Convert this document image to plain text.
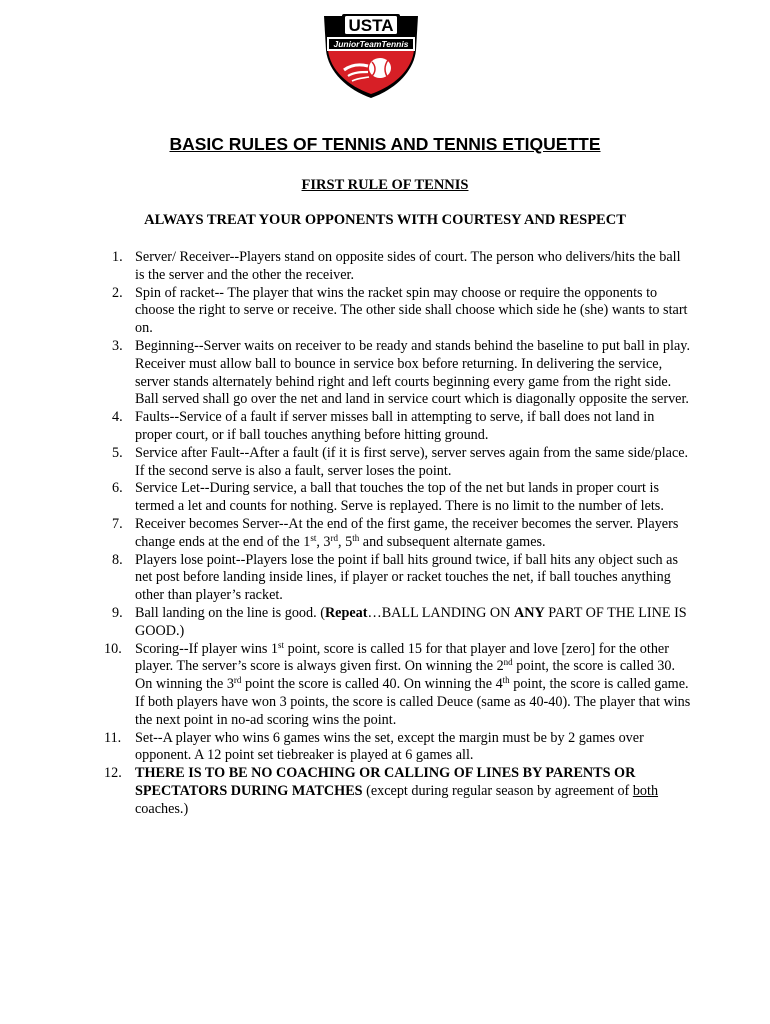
USTA
JuniorTeamTennis
BASIC RULES OF TENNIS AND TENNIS ETIQUETTE
FIRST RULE OF TENNIS
ALWAYS TREAT YOUR OPPONENTS WITH COURTESY AND RESPECT
1. Server/ Receiver--Players stand on opposite sides of court. The person who delivers/hits the ball is the server and the other the receiver.
2. Spin of racket-- The player that wins the racket spin may choose or require the opponents to choose the right to serve or receive. The other side shall choose which side he (she) wants to start on.
3. Beginning--Server waits on receiver to be ready and stands behind the baseline to put ball in play. Receiver must allow ball to bounce in service box before returning. In delivering the service, server stands alternately behind right and left courts beginning every game from the right side. Ball served shall go over the net and land in service court which is diagonally opposite the server.
4. Faults--Service of a fault if server misses ball in attempting to serve, if ball does not land in proper court, or if ball touches anything before hitting ground.
5. Service after Fault--After a fault (if it is first serve), server serves again from the same side/place. If the second serve is also a fault, server loses the point.
6. Service Let--During service, a ball that touches the top of the net but lands in proper court is termed a let and counts for nothing. Serve is replayed. There is no limit to the number of lets.
7. Receiver becomes Server--At the end of the first game, the receiver becomes the server. Players change ends at the end of the 1st, 3rd, 5th and subsequent alternate games.
8. Players lose point--Players lose the point if ball hits ground twice, if ball hits any object such as net post before landing inside lines, if player or racket touches the net, if ball touches anything other than player’s racket.
9. Ball landing on the line is good. (Repeat…BALL LANDING ON ANY PART OF THE LINE IS GOOD.)
10. Scoring--If player wins 1st point, score is called 15 for that player and love [zero] for the other player. The server’s score is always given first. On winning the 2nd point, the score is called 30. On winning the 3rd point the score is called 40. On winning the 4th point, the score is called game. If both players have won 3 points, the score is called Deuce (same as 40-40). The player that wins the next point in no-ad scoring wins the point.
11. Set--A player who wins 6 games wins the set, except the margin must be by 2 games over opponent. A 12 point set tiebreaker is played at 6 games all.
12. THERE IS TO BE NO COACHING OR CALLING OF LINES BY PARENTS OR SPECTATORS DURING MATCHES (except during regular season by agreement of both coaches.)
